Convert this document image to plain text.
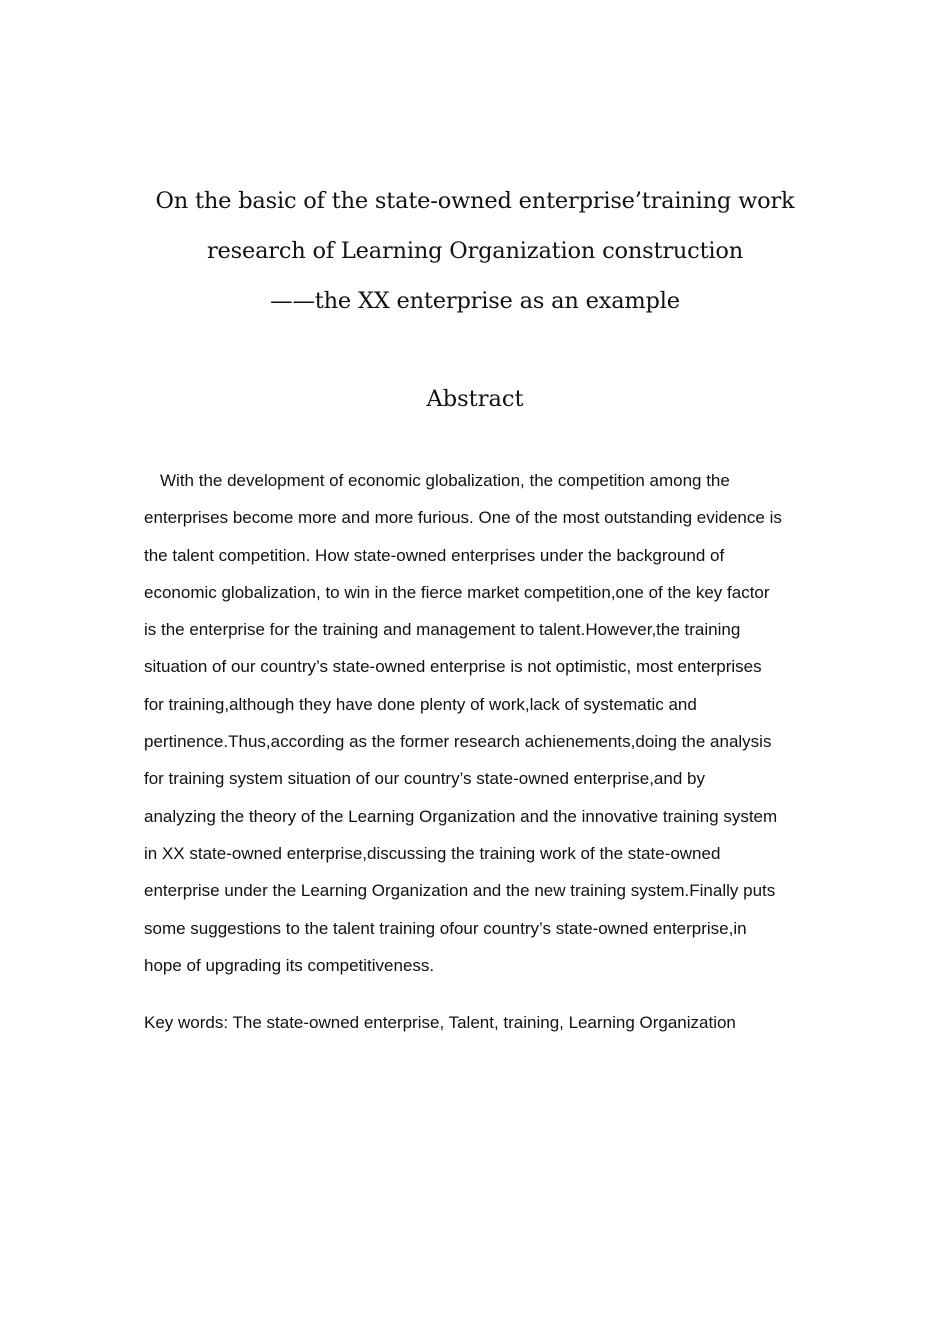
On the basic of the state-owned enterprise’training work
research of Learning Organization construction
——the XX enterprise as an example
Abstract
With the development of economic globalization, the competition among the
enterprises become more and more furious. One of the most outstanding evidence is
the talent competition. How state-owned enterprises under the background of
economic globalization, to win in the fierce market competition,one of the key factor
is the enterprise for the training and management to talent.However,the training
situation of our country’s state-owned enterprise is not optimistic, most enterprises
for training,although they have done plenty of work,lack of systematic and
pertinence.Thus,according as the former research achienements,doing the analysis
for training system situation of our country’s state-owned enterprise,and by
analyzing the theory of the Learning Organization and the innovative training system
in XX state-owned enterprise,discussing the training work of the state-owned
enterprise under the Learning Organization and the new training system.Finally puts
some suggestions to the talent training ofour country’s state-owned enterprise,in
hope of upgrading its competitiveness.
Key words: The state-owned enterprise, Talent, training, Learning Organization
